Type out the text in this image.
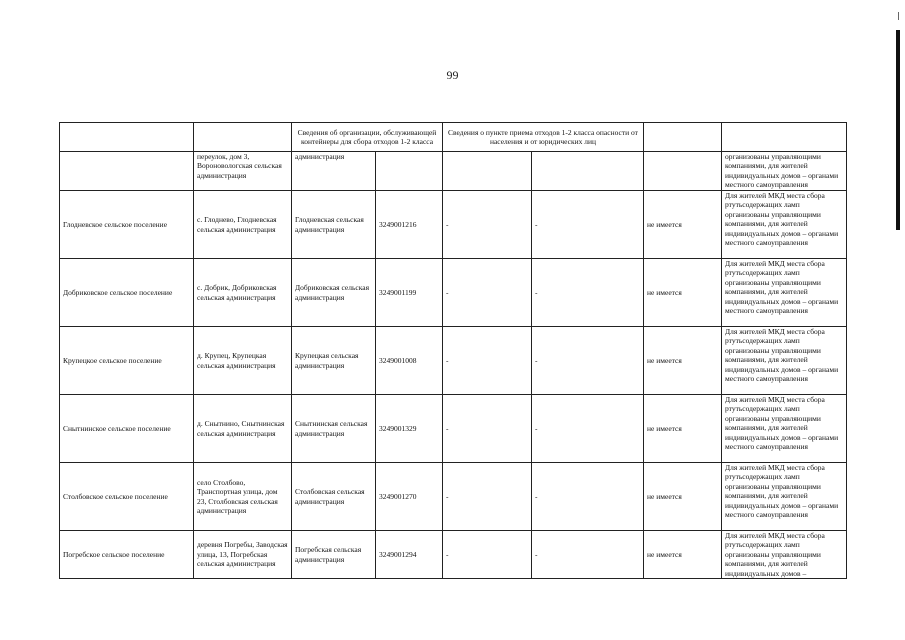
99
		Сведения об организации, обслуживающей контейнеры для сбора отходов 1-2 класса		Сведения о пункте приема отходов 1-2 класса опасности от населения и от юридических лиц			
	переулок, дом 3, Вороновологская сельская администрация	администрация					организованы управляющими компаниями, для жителей индивидуальных домов – органами местного самоуправления
Глодневское сельское поселение	с. Глоднево, Глодневская сельская администрация	Глодневская сельская администрация	3249001216	-	-	не имеется	Для жителей МКД места сбора ртутьсодержащих ламп организованы управляющими компаниями, для жителей индивидуальных домов – органами местного самоуправления
Добриковское сельское поселение	с. Добрик, Добриковская сельская администрация	Добриковская сельская администрация	3249001199	-	-	не имеется	Для жителей МКД места сбора ртутьсодержащих ламп организованы управляющими компаниями, для жителей индивидуальных домов – органами местного самоуправления
Крупецкое сельское поселение	д. Крупец, Крупецкая сельская администрация	Крупецкая сельская администрация	3249001008	-	-	не имеется	Для жителей МКД места сбора ртутьсодержащих ламп организованы управляющими компаниями, для жителей индивидуальных домов – органами местного самоуправления
Снытнинское сельское поселение	д. Снытнино, Снытнинская сельская администрация	Снытнинская сельская администрация	3249001329	-	-	не имеется	Для жителей МКД места сбора ртутьсодержащих ламп организованы управляющими компаниями, для жителей индивидуальных домов – органами местного самоуправления
Столбовское сельское поселение	село Столбово, Транспортная улица, дом 23, Столбовская сельская администрация	Столбовская сельская администрация	3249001270	-	-	не имеется	Для жителей МКД места сбора ртутьсодержащих ламп организованы управляющими компаниями, для жителей индивидуальных домов – органами местного самоуправления
Погребское сельское поселение	деревня Погребы, Заводская улица, 13, Погребская сельская администрация	Погребская сельская администрация	3249001294	-	-	не имеется	Для жителей МКД места сбора ртутьсодержащих ламп организованы управляющими компаниями, для жителей индивидуальных домов –
